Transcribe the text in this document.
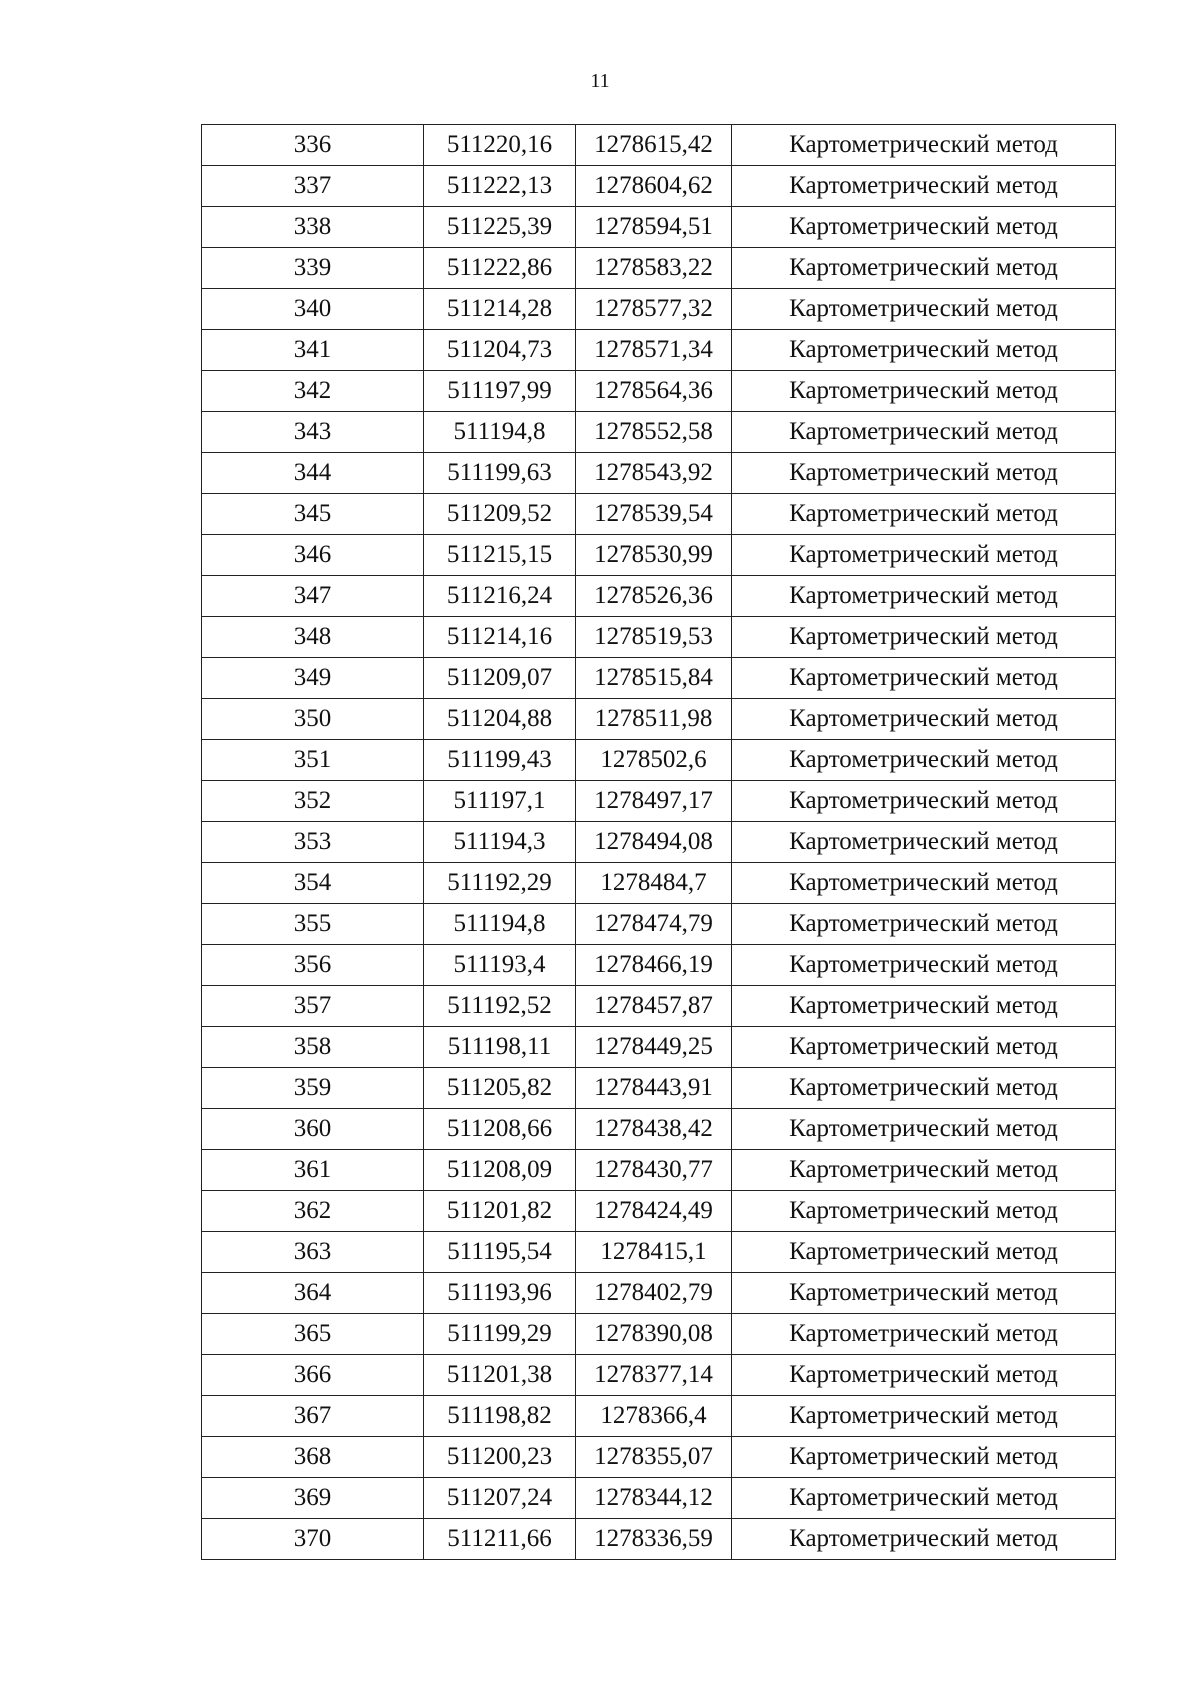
11
336	511220,16	1278615,42	Картометрический метод
337	511222,13	1278604,62	Картометрический метод
338	511225,39	1278594,51	Картометрический метод
339	511222,86	1278583,22	Картометрический метод
340	511214,28	1278577,32	Картометрический метод
341	511204,73	1278571,34	Картометрический метод
342	511197,99	1278564,36	Картометрический метод
343	511194,8	1278552,58	Картометрический метод
344	511199,63	1278543,92	Картометрический метод
345	511209,52	1278539,54	Картометрический метод
346	511215,15	1278530,99	Картометрический метод
347	511216,24	1278526,36	Картометрический метод
348	511214,16	1278519,53	Картометрический метод
349	511209,07	1278515,84	Картометрический метод
350	511204,88	1278511,98	Картометрический метод
351	511199,43	1278502,6	Картометрический метод
352	511197,1	1278497,17	Картометрический метод
353	511194,3	1278494,08	Картометрический метод
354	511192,29	1278484,7	Картометрический метод
355	511194,8	1278474,79	Картометрический метод
356	511193,4	1278466,19	Картометрический метод
357	511192,52	1278457,87	Картометрический метод
358	511198,11	1278449,25	Картометрический метод
359	511205,82	1278443,91	Картометрический метод
360	511208,66	1278438,42	Картометрический метод
361	511208,09	1278430,77	Картометрический метод
362	511201,82	1278424,49	Картометрический метод
363	511195,54	1278415,1	Картометрический метод
364	511193,96	1278402,79	Картометрический метод
365	511199,29	1278390,08	Картометрический метод
366	511201,38	1278377,14	Картометрический метод
367	511198,82	1278366,4	Картометрический метод
368	511200,23	1278355,07	Картометрический метод
369	511207,24	1278344,12	Картометрический метод
370	511211,66	1278336,59	Картометрический метод
